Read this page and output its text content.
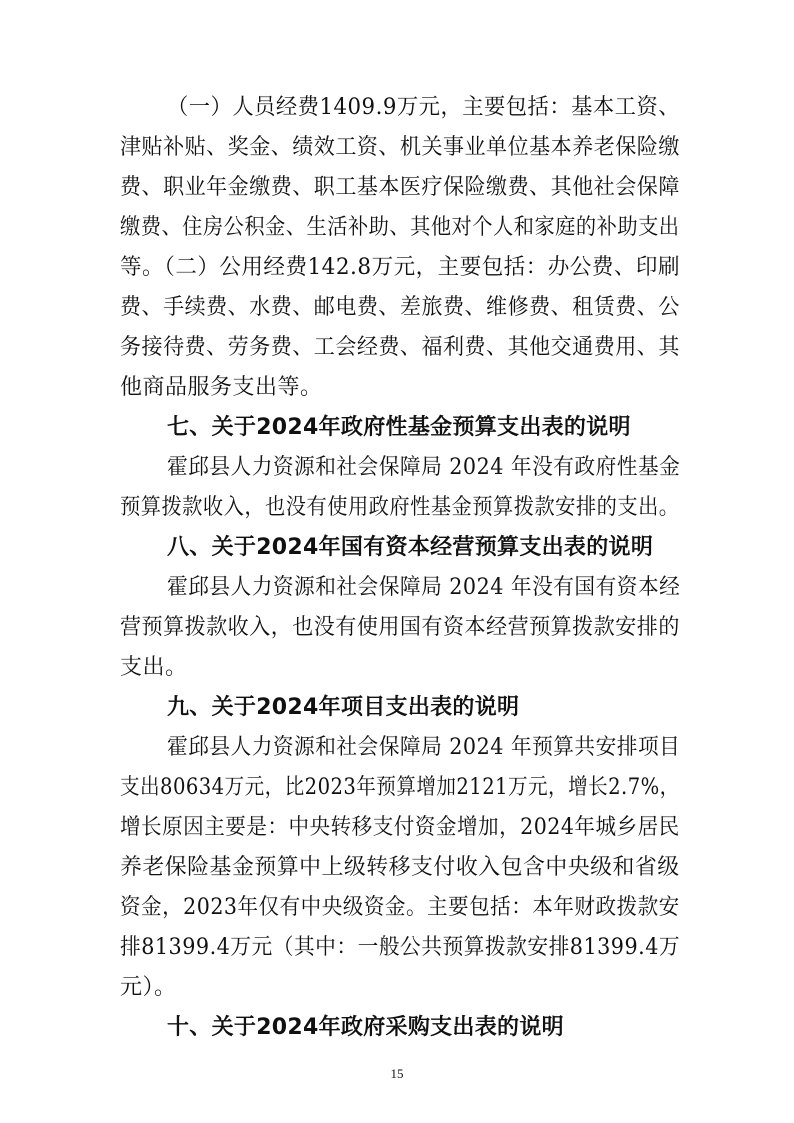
（一）人员经费1409.9万元，主要包括：基本工资、
津贴补贴、奖金、绩效工资、机关事业单位基本养老保险缴
费、职业年金缴费、职工基本医疗保险缴费、其他社会保障
缴费、住房公积金、生活补助、其他对个人和家庭的补助支出
等。（二）公用经费142.8万元，主要包括：办公费、印刷
费、手续费、水费、邮电费、差旅费、维修费、租赁费、公
务接待费、劳务费、工会经费、福利费、其他交通费用、其
他商品服务支出等。
七、关于2024年政府性基金预算支出表的说明
霍邱县人力资源和社会保障局 2024 年没有政府性基金
预算拨款收入，也没有使用政府性基金预算拨款安排的支出。
八、关于2024年国有资本经营预算支出表的说明
霍邱县人力资源和社会保障局 2024 年没有国有资本经
营预算拨款收入，也没有使用国有资本经营预算拨款安排的
支出。
九、关于2024年项目支出表的说明
霍邱县人力资源和社会保障局 2024 年预算共安排项目
支出80634万元，比2023年预算增加2121万元，增长2.7%，
增长原因主要是：中央转移支付资金增加，2024年城乡居民
养老保险基金预算中上级转移支付收入包含中央级和省级
资金，2023年仅有中央级资金。主要包括：本年财政拨款安
排81399.4万元（其中：一般公共预算拨款安排81399.4万
元）。
十、关于2024年政府采购支出表的说明
15
